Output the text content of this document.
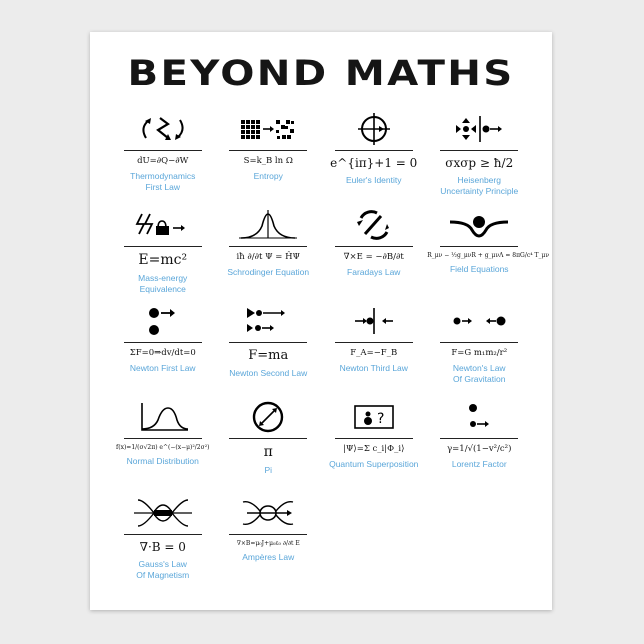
BEYOND MATHS
dU=∂Q−∂W
Thermodynamics
First Law
S=k_B ln Ω
Entropy
e^{iπ}+1 = 0
Euler's Identity
σxσp ≥ ħ/2
Heisenberg
Uncertainty Principle
E=mc²
Mass-energy
Equivalence
iħ ∂/∂t Ψ = ĤΨ
Schrodinger Equation
∇×E = −∂B/∂t
Faradays Law
R_μν − ½g_μνR + g_μνΛ = 8πG/c⁴ T_μν
Field Equations
ΣF=0⇒dv/dt=0
Newton First Law
F=ma
Newton Second Law
F_A=−F_B
Newton Third Law
F=G m₁m₂/r²
Newton's Law
Of Gravitation
f(x)=1/(σ√2π) e^(−(x−μ)²/2σ²)
Normal Distribution
π
Pi
?
|Ψ⟩=Σ c_i|Φ_i⟩
Quantum Superposition
γ=1/√(1−v²/c²)
Lorentz Factor
∇·B = 0
Gauss's Law
Of Magnetism
∇×B=μ₀J+μ₀ε₀ ∂/∂t E
Ampères Law
